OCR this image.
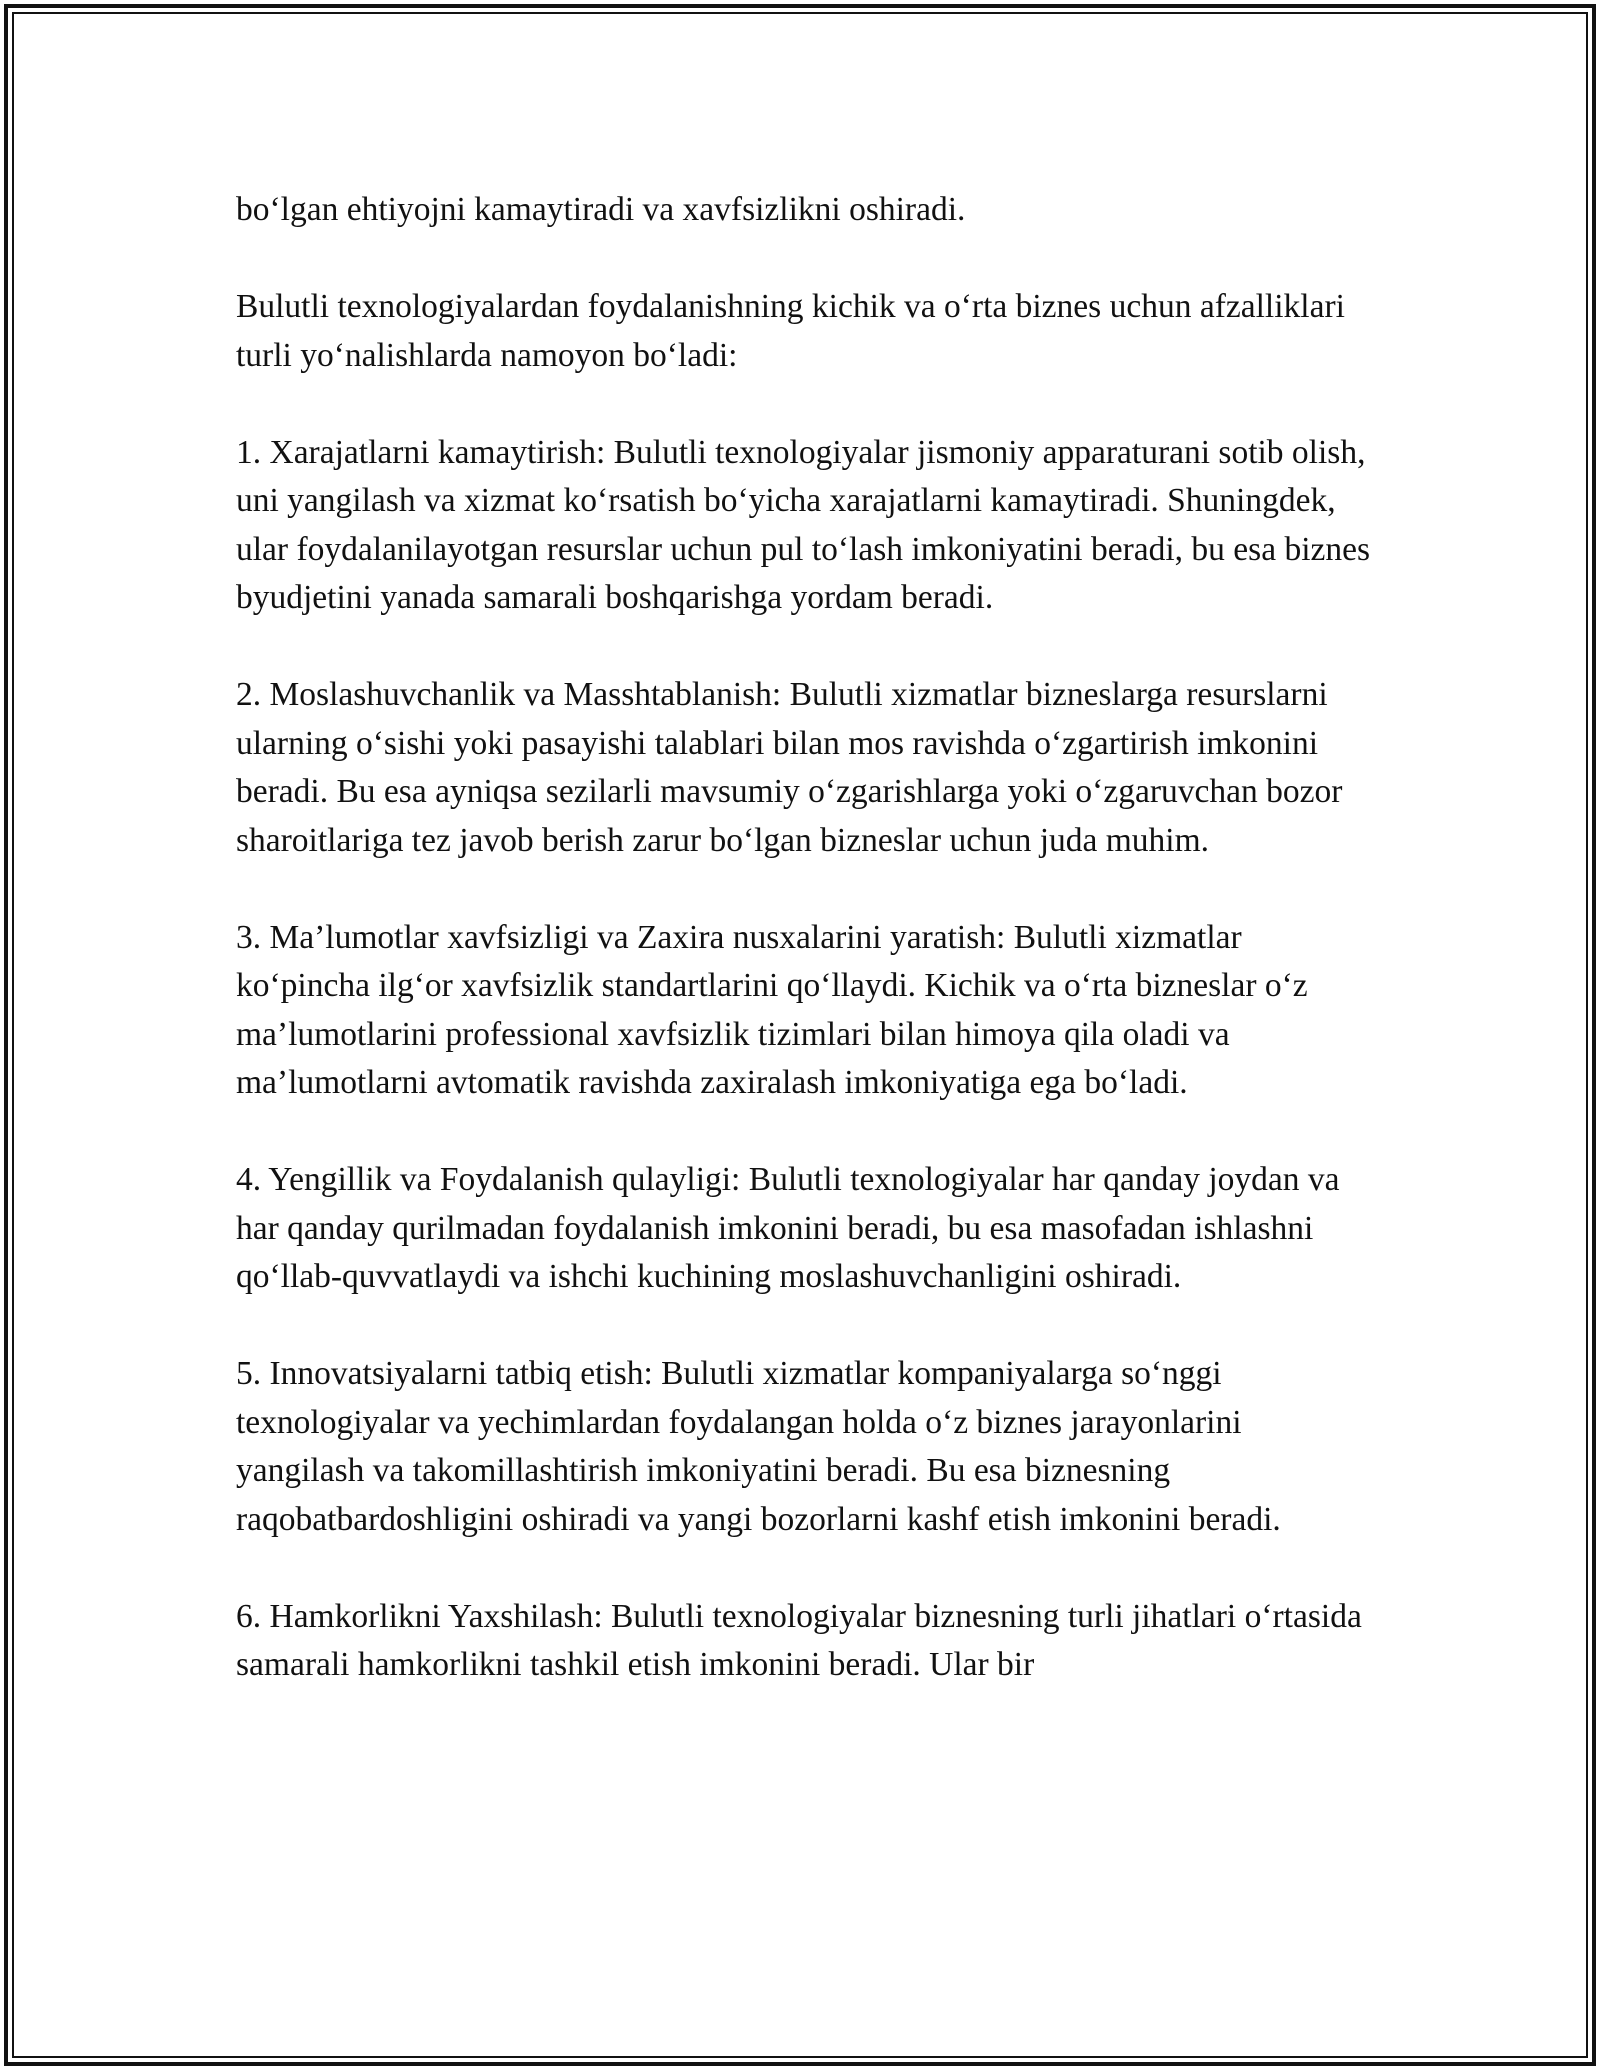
bo‘lgan ehtiyojni kamaytiradi va xavfsizlikni oshiradi.

Bulutli texnologiyalardan foydalanishning kichik va o‘rta biznes uchun afzalliklari turli yo‘nalishlarda namoyon bo‘ladi:

1. Xarajatlarni kamaytirish: Bulutli texnologiyalar jismoniy apparaturani sotib olish, uni yangilash va xizmat ko‘rsatish bo‘yicha xarajatlarni kamaytiradi. Shuningdek, ular foydalanilayotgan resurslar uchun pul to‘lash imkoniyatini beradi, bu esa biznes byudjetini yanada samarali boshqarishga yordam beradi.

2. Moslashuvchanlik va Masshtablanish: Bulutli xizmatlar bizneslarga resurslarni ularning o‘sishi yoki pasayishi talablari bilan mos ravishda o‘zgartirish imkonini beradi. Bu esa ayniqsa sezilarli mavsumiy o‘zgarishlarga yoki o‘zgaruvchan bozor sharoitlariga tez javob berish zarur bo‘lgan bizneslar uchun juda muhim.

3. Ma’lumotlar xavfsizligi va Zaxira nusxalarini yaratish: Bulutli xizmatlar ko‘pincha ilg‘or xavfsizlik standartlarini qo‘llaydi. Kichik va o‘rta bizneslar o‘z ma’lumotlarini professional xavfsizlik tizimlari bilan himoya qila oladi va ma’lumotlarni avtomatik ravishda zaxiralash imkoniyatiga ega bo‘ladi.

4. Yengillik va Foydalanish qulayligi: Bulutli texnologiyalar har qanday joydan va har qanday qurilmadan foydalanish imkonini beradi, bu esa masofadan ishlashni qo‘llab-quvvatlaydi va ishchi kuchining moslashuvchanligini oshiradi.

5. Innovatsiyalarni tatbiq etish: Bulutli xizmatlar kompaniyalarga so‘nggi texnologiyalar va yechimlardan foydalangan holda o‘z biznes jarayonlarini yangilash va takomillashtirish imkoniyatini beradi. Bu esa biznesning raqobatbardoshligini oshiradi va yangi bozorlarni kashf etish imkonini beradi.

6. Hamkorlikni Yaxshilash: Bulutli texnologiyalar biznesning turli jihatlari o‘rtasida samarali hamkorlikni tashkil etish imkonini beradi. Ular bir
